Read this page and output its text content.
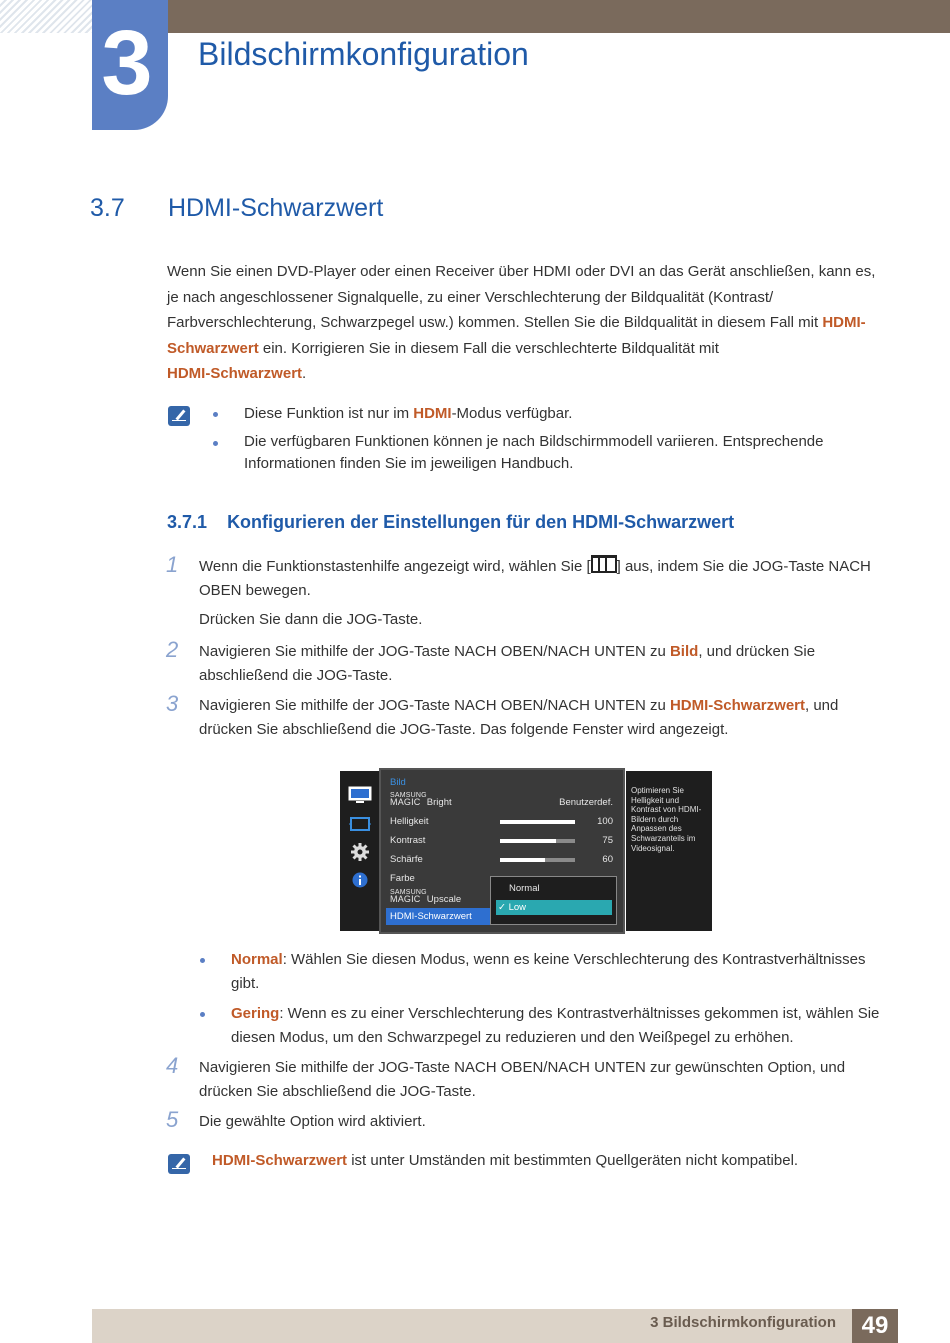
3 Bildschirmkonfiguration
3.7 HDMI-Schwarzwert
Wenn Sie einen DVD-Player oder einen Receiver über HDMI oder DVI an das Gerät anschließen, kann es, je nach angeschlossener Signalquelle, zu einer Verschlechterung der Bildqualität (Kontrast/ Farbverschlechterung, Schwarzpegel usw.) kommen. Stellen Sie die Bildqualität in diesem Fall mit HDMI-Schwarzwert ein. Korrigieren Sie in diesem Fall die verschlechterte Bildqualität mit
HDMI-Schwarzwert.
Diese Funktion ist nur im HDMI-Modus verfügbar.
Die verfügbaren Funktionen können je nach Bildschirmmodell variieren. Entsprechende Informationen finden Sie im jeweiligen Handbuch.
3.7.1 Konfigurieren der Einstellungen für den HDMI-Schwarzwert
1 Wenn die Funktionstastenhilfe angezeigt wird, wählen Sie [ ] aus, indem Sie die JOG-Taste NACH OBEN bewegen.
Drücken Sie dann die JOG-Taste.
2 Navigieren Sie mithilfe der JOG-Taste NACH OBEN/NACH UNTEN zu Bild, und drücken Sie abschließend die JOG-Taste.
3 Navigieren Sie mithilfe der JOG-Taste NACH OBEN/NACH UNTEN zu HDMI-Schwarzwert, und drücken Sie abschließend die JOG-Taste. Das folgende Fenster wird angezeigt.
Bild
SAMSUNG
MAGIC Bright	Benutzerdef.
Helligkeit	100
Kontrast	75
Schärfe	60
Farbe
SAMSUNG
MAGIC Upscale
HDMI-Schwarzwert
Normal
✓ Low
Optimieren Sie Helligkeit und Kontrast von HDMI-Bildern durch Anpassen des Schwarzanteils im Videosignal.
Normal: Wählen Sie diesen Modus, wenn es keine Verschlechterung des Kontrastverhältnisses gibt.
Gering: Wenn es zu einer Verschlechterung des Kontrastverhältnisses gekommen ist, wählen Sie diesen Modus, um den Schwarzpegel zu reduzieren und den Weißpegel zu erhöhen.
4 Navigieren Sie mithilfe der JOG-Taste NACH OBEN/NACH UNTEN zur gewünschten Option, und drücken Sie abschließend die JOG-Taste.
5 Die gewählte Option wird aktiviert.
HDMI-Schwarzwert ist unter Umständen mit bestimmten Quellgeräten nicht kompatibel.
3 Bildschirmkonfiguration	49
